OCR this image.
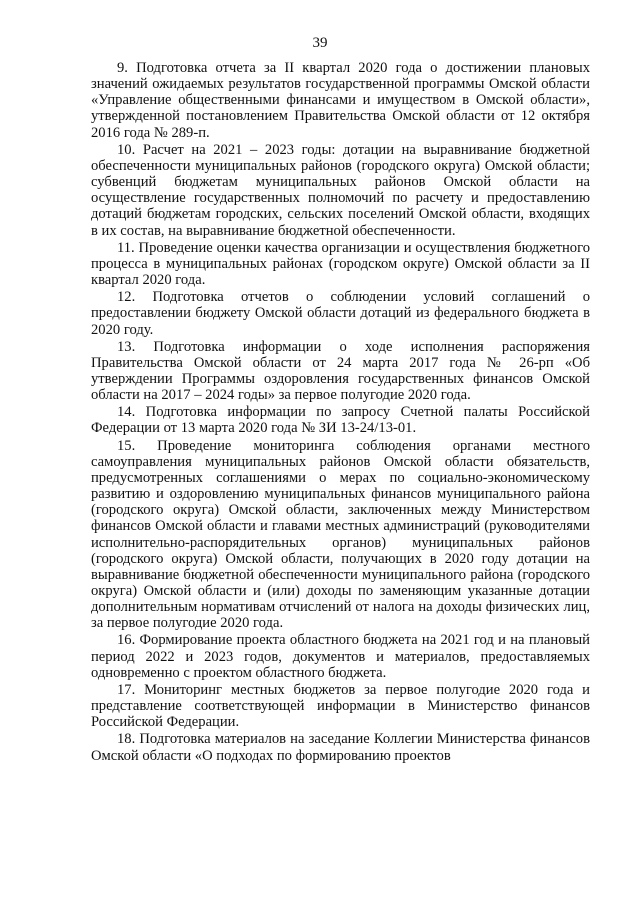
39

9. Подготовка отчета за II квартал 2020 года о достижении плановых значений ожидаемых результатов государственной программы Омской области «Управление общественными финансами и имуществом в Омской области», утвержденной постановлением Правительства Омской области от 12 октября 2016 года № 289-п.

10. Расчет на 2021 – 2023 годы: дотации на выравнивание бюджетной обеспеченности муниципальных районов (городского округа) Омской области; субвенций бюджетам муниципальных районов Омской области на осуществление государственных полномочий по расчету и предоставлению дотаций бюджетам городских, сельских поселений Омской области, входящих в их состав, на выравнивание бюджетной обеспеченности.

11. Проведение оценки качества организации и осуществления бюджетного процесса в муниципальных районах (городском округе) Омской области за II квартал 2020 года.

12. Подготовка отчетов о соблюдении условий соглашений о предоставлении бюджету Омской области дотаций из федерального бюджета в 2020 году.

13. Подготовка информации о ходе исполнения распоряжения Правительства Омской области от 24 марта 2017 года № 26-рп «Об утверждении Программы оздоровления государственных финансов Омской области на 2017 – 2024 годы» за первое полугодие 2020 года.

14. Подготовка информации по запросу Счетной палаты Российской Федерации от 13 марта 2020 года № ЗИ 13-24/13-01.

15. Проведение мониторинга соблюдения органами местного самоуправления муниципальных районов Омской области обязательств, предусмотренных соглашениями о мерах по социально-экономическому развитию и оздоровлению муниципальных финансов муниципального района (городского округа) Омской области, заключенных между Министерством финансов Омской области и главами местных администраций (руководителями исполнительно-распорядительных органов) муниципальных районов (городского округа) Омской области, получающих в 2020 году дотации на выравнивание бюджетной обеспеченности муниципального района (городского округа) Омской области и (или) доходы по заменяющим указанные дотации дополнительным нормативам отчислений от налога на доходы физических лиц, за первое полугодие 2020 года.

16. Формирование проекта областного бюджета на 2021 год и на плановый период 2022 и 2023 годов, документов и материалов, предоставляемых одновременно с проектом областного бюджета.

17. Мониторинг местных бюджетов за первое полугодие 2020 года и представление соответствующей информации в Министерство финансов Российской Федерации.

18. Подготовка материалов на заседание Коллегии Министерства финансов Омской области «О подходах по формированию проектов
